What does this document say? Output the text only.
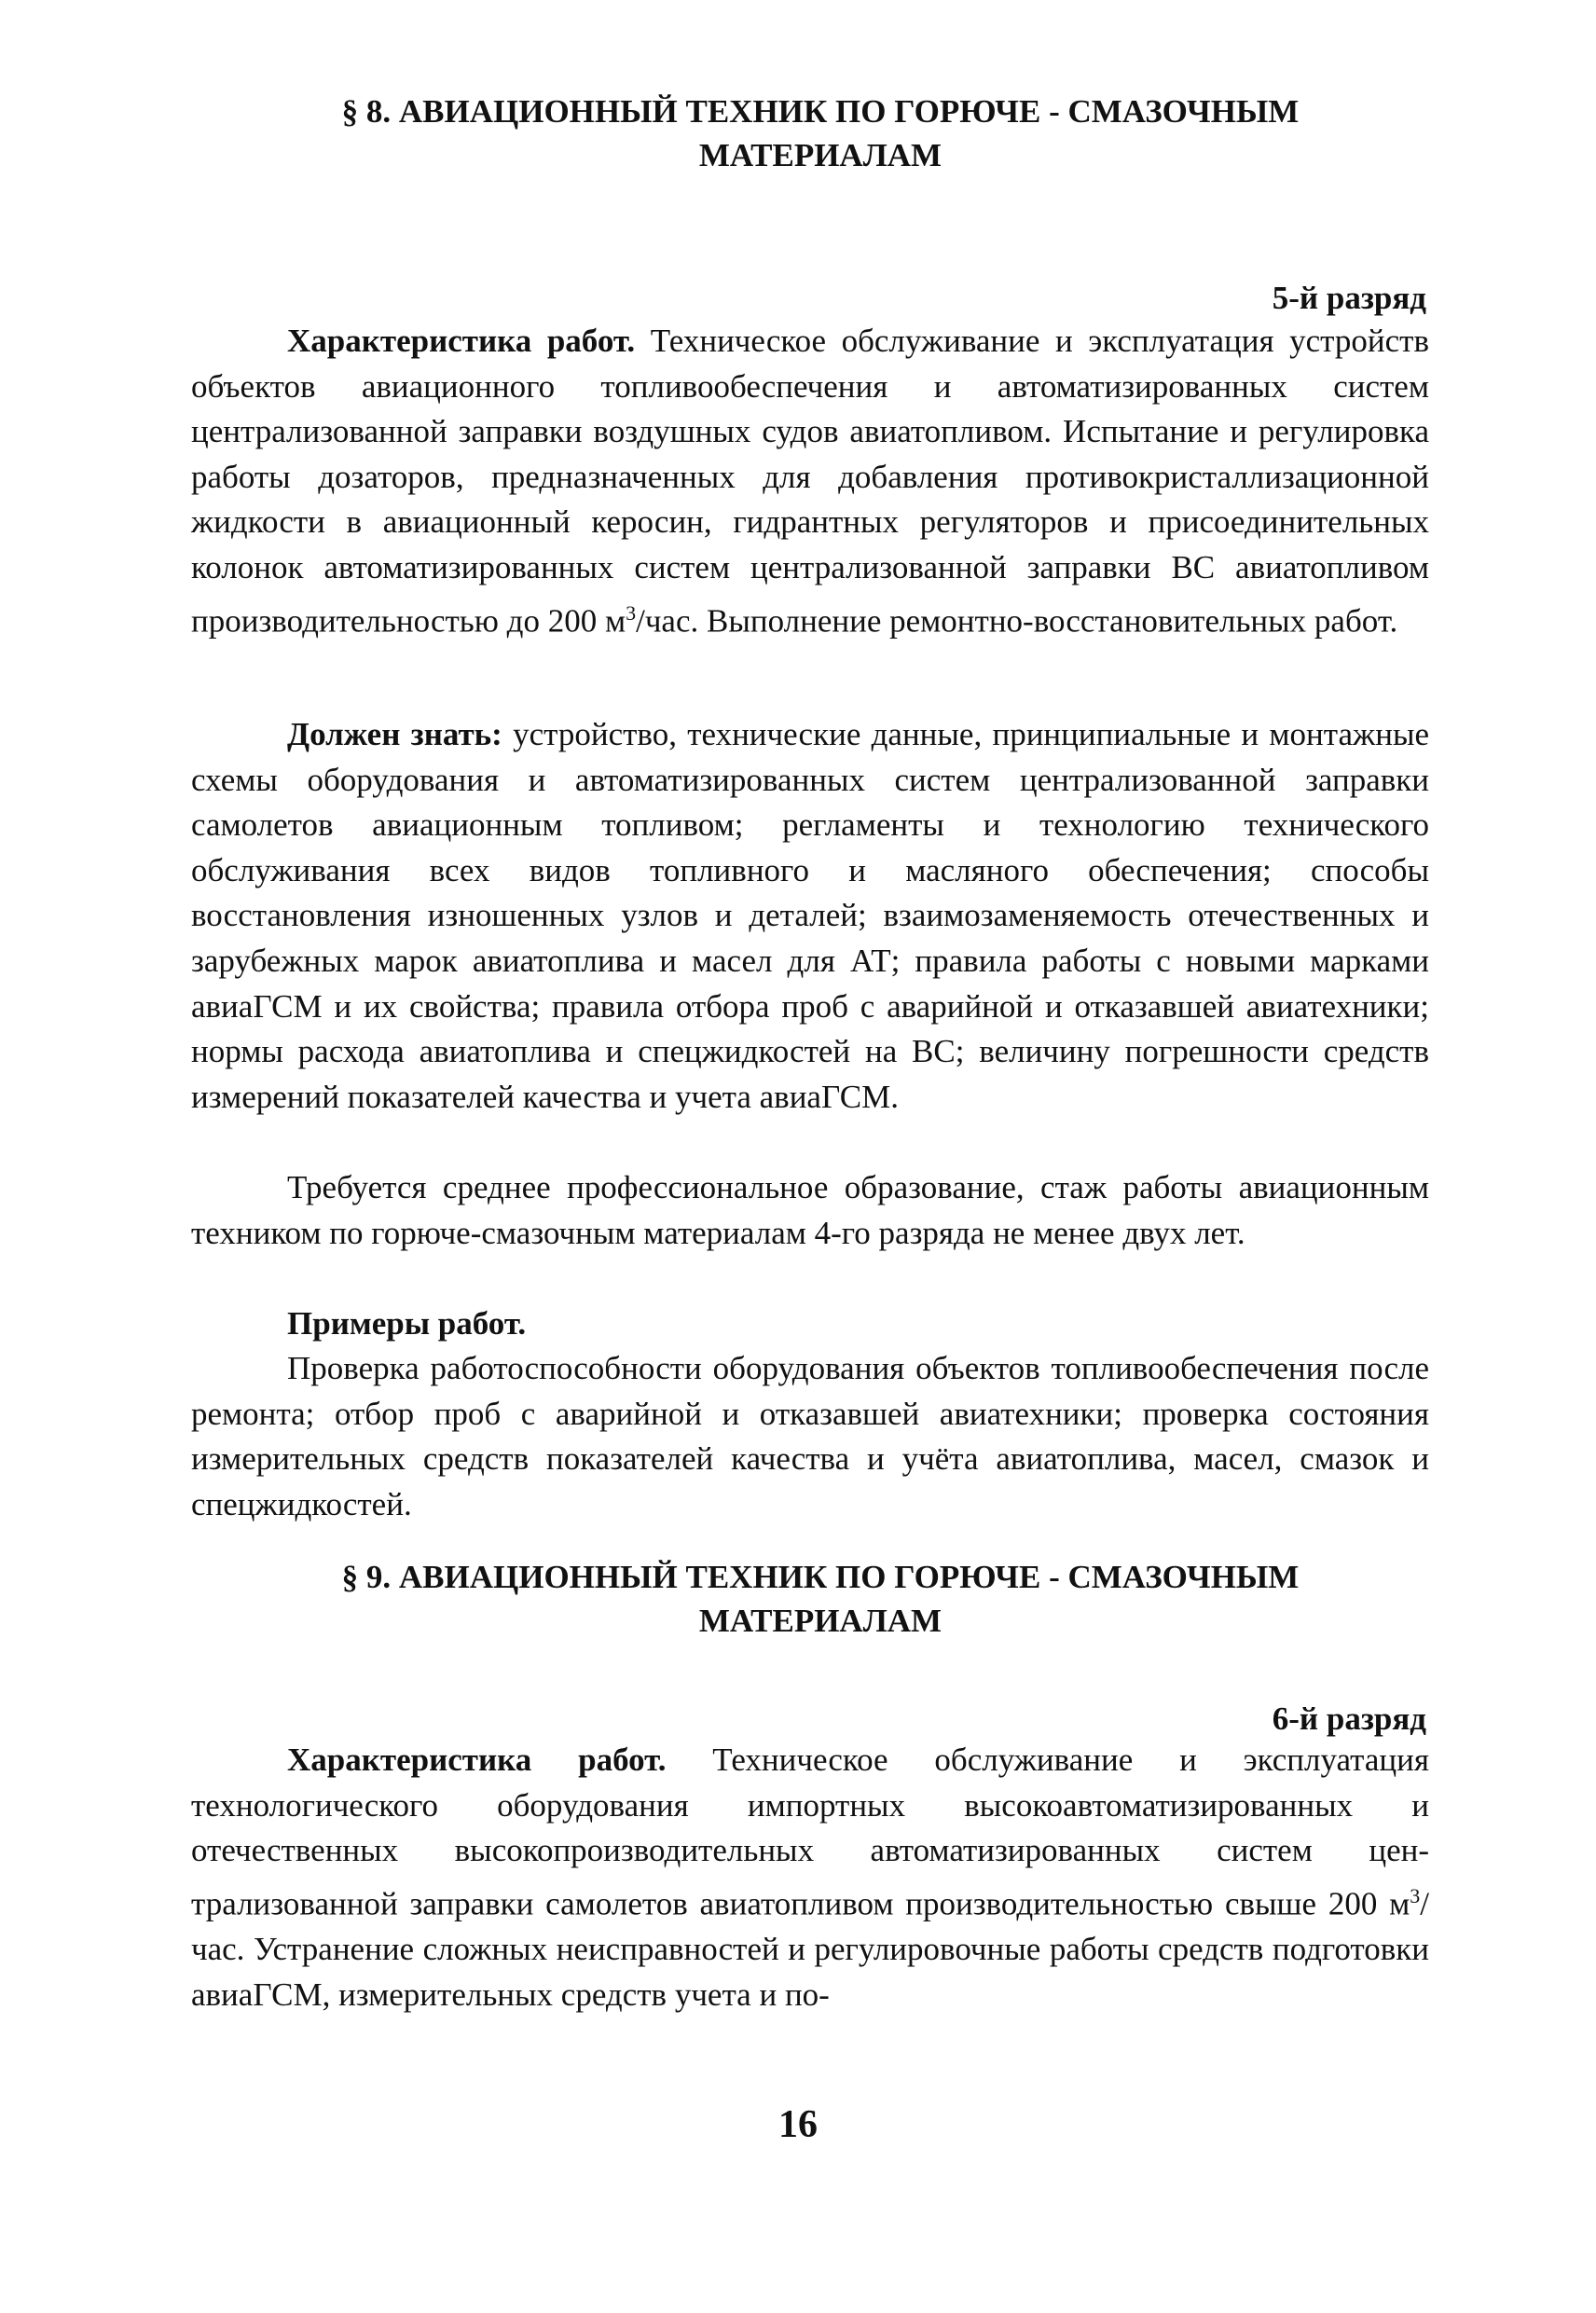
§ 8. АВИАЦИОННЫЙ ТЕХНИК ПО ГОРЮЧЕ - СМАЗОЧНЫМ
МАТЕРИАЛАМ

5-й разряд

Характеристика работ. Техническое обслуживание и эксплуатация устройств объектов авиационного топливообеспечения и автоматизированных систем централизованной заправки воздушных судов авиатопливом. Испытание и регулировка работы дозаторов, предназначенных для добавления противокристаллизационной жидкости в авиационный керосин, гидрантных регуляторов и присоединительных колонок автоматизированных систем централизованной заправки ВС авиатопливом производительностью до 200 $м^3$/час. Выполнение ремонтно-восстановительных работ.

Должен знать: устройство, технические данные, принципиальные и монтажные схемы оборудования и автоматизированных систем централизованной заправки самолетов авиационным топливом; регламенты и технологию технического обслуживания всех видов топливного и масляного обеспечения; способы восстановления изношенных узлов и деталей; взаимозаменяемость отечественных и зарубежных марок авиатоплива и масел для АТ; правила работы с новыми марками авиаГСМ и их свойства; правила отбора проб с аварийной и отказавшей авиатехники; нормы расхода авиатоплива и спецжидкостей на ВС; величину погрешности средств измерений показателей качества и учета авиаГСМ.

Требуется среднее профессиональное образование, стаж работы авиационным техником по горюче-смазочным материалам 4-го разряда не менее двух лет.

Примеры работ.

Проверка работоспособности оборудования объектов топливообеспечения после ремонта; отбор проб с аварийной и отказавшей авиатехники; проверка состояния измерительных средств показателей качества и учёта авиатоплива, масел, смазок и спецжидкостей.

§ 9. АВИАЦИОННЫЙ ТЕХНИК ПО ГОРЮЧЕ - СМАЗОЧНЫМ
МАТЕРИАЛАМ

6-й разряд

Характеристика работ. Техническое обслуживание и эксплуатация технологического оборудования импортных высокоавтоматизированных и отечественных высокопроизводительных автоматизированных систем централизованной заправки самолетов авиатопливом производительностью свыше 200 $м^3$/час. Устранение сложных неисправностей и регулировочные работы средств подготовки авиаГСМ, измерительных средств учета и по-

16
